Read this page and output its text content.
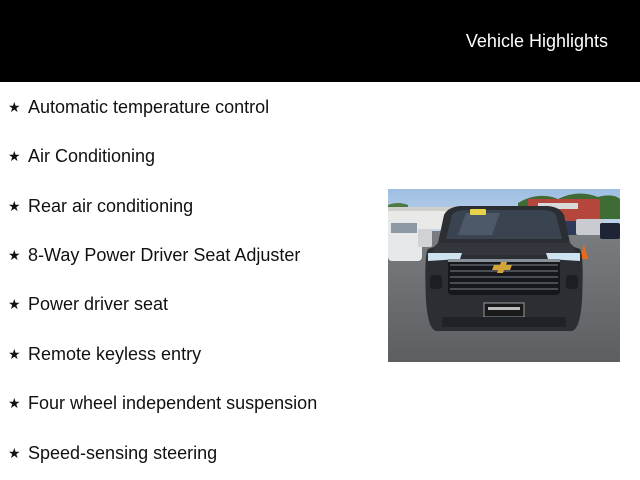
Vehicle Highlights
★ Automatic temperature control
★ Air Conditioning
★ Rear air conditioning
★ 8-Way Power Driver Seat Adjuster
★ Power driver seat
★ Remote keyless entry
★ Four wheel independent suspension
★ Speed-sensing steering
